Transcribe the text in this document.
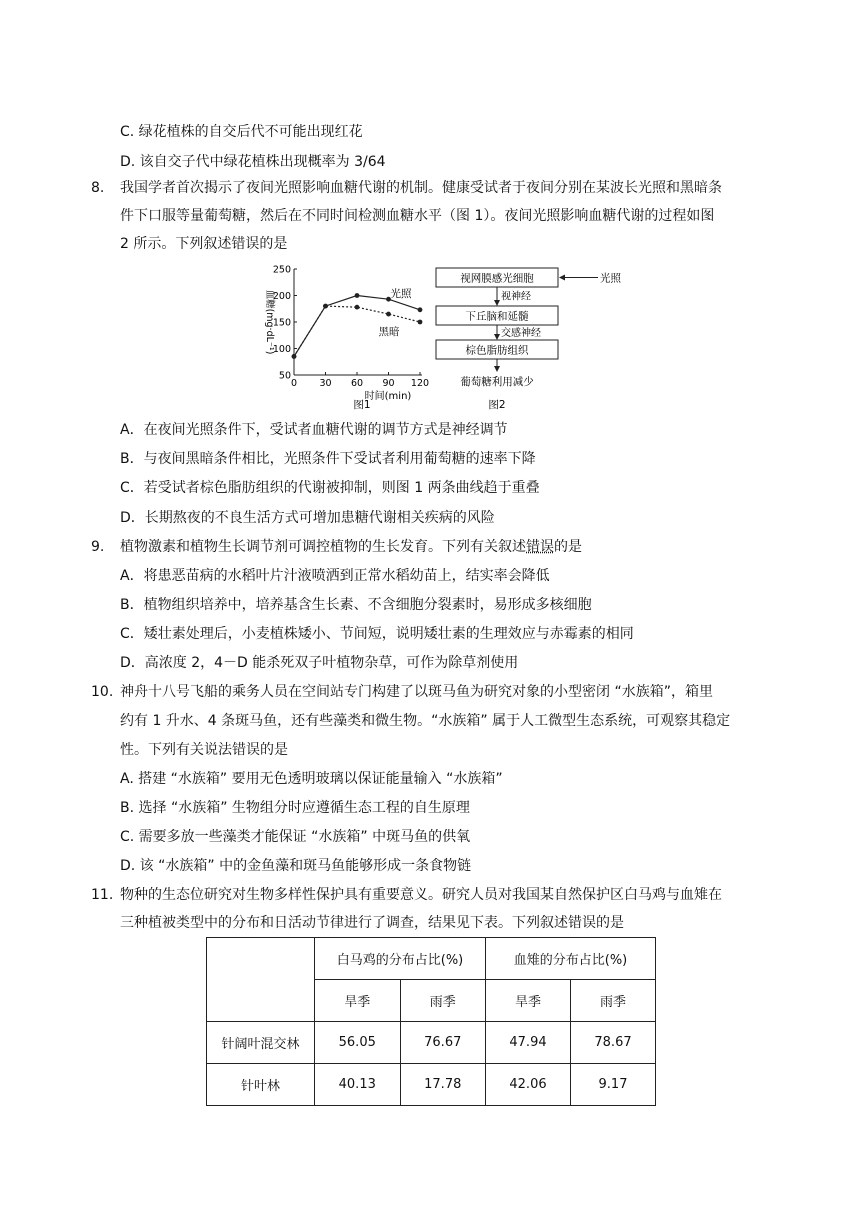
C. 绿花植株的自交后代不可能出现红花
D. 该自交子代中绿花植株出现概率为 3/64
8. 我国学者首次揭示了夜间光照影响血糖代谢的机制。健康受试者于夜间分别在某波长光照和黑暗条
件下口服等量葡萄糖，然后在不同时间检测血糖水平（图 1）。夜间光照影响血糖代谢的过程如图
2 所示。下列叙述错误的是
50
100
150
200
250
0 30 60 90 120
时间(min)
血糖(mg·dL⁻¹)	光照
黑暗
图1
视网膜感光细胞	光照
视神经
下丘脑和延髓
交感神经
棕色脂肪组织
葡萄糖利用减少
图2
A．在夜间光照条件下，受试者血糖代谢的调节方式是神经调节
B．与夜间黑暗条件相比，光照条件下受试者利用葡萄糖的速率下降
C．若受试者棕色脂肪组织的代谢被抑制，则图 1 两条曲线趋于重叠
D．长期熬夜的不良生活方式可增加患糖代谢相关疾病的风险
9. 植物激素和植物生长调节剂可调控植物的生长发育。下列有关叙述错误的是
A．将患恶苗病的水稻叶片汁液喷洒到正常水稻幼苗上，结实率会降低
B．植物组织培养中，培养基含生长素、不含细胞分裂素时，易形成多核细胞
C．矮壮素处理后，小麦植株矮小、节间短，说明矮壮素的生理效应与赤霉素的相同
D．高浓度 2，4－D 能杀死双子叶植物杂草，可作为除草剂使用
10. 神舟十八号飞船的乘务人员在空间站专门构建了以斑马鱼为研究对象的小型密闭 “水族箱”，箱里
约有 1 升水、4 条斑马鱼，还有些藻类和微生物。“水族箱” 属于人工微型生态系统，可观察其稳定
性。下列有关说法错误的是
A. 搭建 “水族箱” 要用无色透明玻璃以保证能量输入 “水族箱”
B. 选择 “水族箱” 生物组分时应遵循生态工程的自生原理
C. 需要多放一些藻类才能保证 “水族箱” 中斑马鱼的供氧
D. 该 “水族箱” 中的金鱼藻和斑马鱼能够形成一条食物链
11. 物种的生态位研究对生物多样性保护具有重要意义。研究人员对我国某自然保护区白马鸡与血雉在
三种植被类型中的分布和日活动节律进行了调查，结果见下表。下列叙述错误的是
	白马鸡的分布占比(%)		血雉的分布占比(%)	
	旱季	雨季	旱季	雨季
针阔叶混交林	56.05	76.67	47.94	78.67
针叶林	40.13	17.78	42.06	9.17
